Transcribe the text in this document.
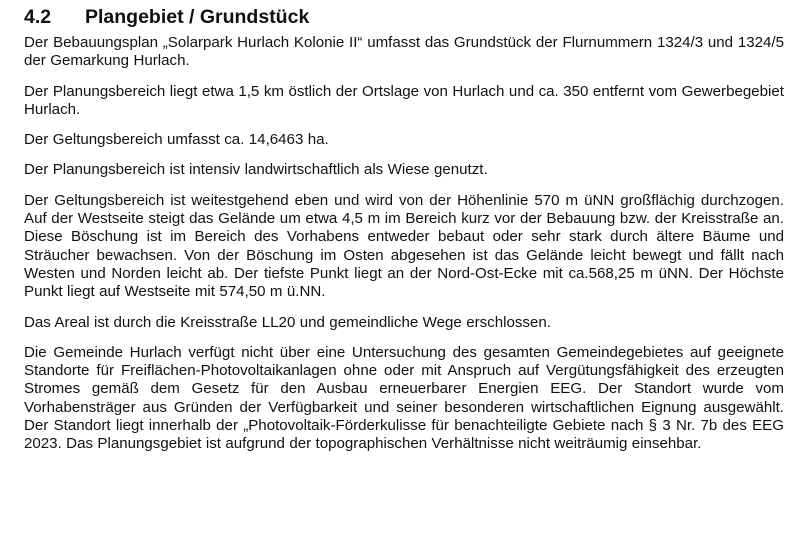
4.2	Plangebiet / Grundstück

Der Bebauungsplan „Solarpark Hurlach Kolonie II“ umfasst das Grundstück der Flurnummern 1324/3 und 1324/5 der Gemarkung Hurlach.

Der Planungsbereich liegt etwa 1,5 km östlich der Ortslage von Hurlach und ca. 350 entfernt vom Gewerbegebiet Hurlach.

Der Geltungsbereich umfasst ca. 14,6463 ha.

Der Planungsbereich ist intensiv landwirtschaftlich als Wiese genutzt.

Der Geltungsbereich ist weitestgehend eben und wird von der Höhenlinie 570 m üNN großflächig durchzogen. Auf der Westseite steigt das Gelände um etwa 4,5 m im Bereich kurz vor der Bebauung bzw. der Kreisstraße an. Diese Böschung ist im Bereich des Vorhabens entweder bebaut oder sehr stark durch ältere Bäume und Sträucher bewachsen. Von der Böschung im Osten abgesehen ist das Gelände leicht bewegt und fällt nach Westen und Norden leicht ab. Der tiefste Punkt liegt an der Nord-Ost-Ecke mit ca.568,25 m üNN. Der Höchste Punkt liegt auf Westseite mit 574,50 m ü.NN.

Das Areal ist durch die Kreisstraße LL20 und gemeindliche Wege erschlossen.

Die Gemeinde Hurlach verfügt nicht über eine Untersuchung des gesamten Gemeindegebietes auf geeignete Standorte für Freiflächen-Photovoltaikanlagen ohne oder mit Anspruch auf Vergütungsfähigkeit des erzeugten Stromes gemäß dem Gesetz für den Ausbau erneuerbarer Energien EEG. Der Standort wurde vom Vorhabensträger aus Gründen der Verfügbarkeit und seiner besonderen wirtschaftlichen Eignung ausgewählt. Der Standort liegt innerhalb der „Photovoltaik-Förderkulisse für benachteiligte Gebiete nach § 3 Nr. 7b des EEG 2023. Das Planungsgebiet ist aufgrund der topographischen Verhältnisse nicht weiträumig einsehbar.
